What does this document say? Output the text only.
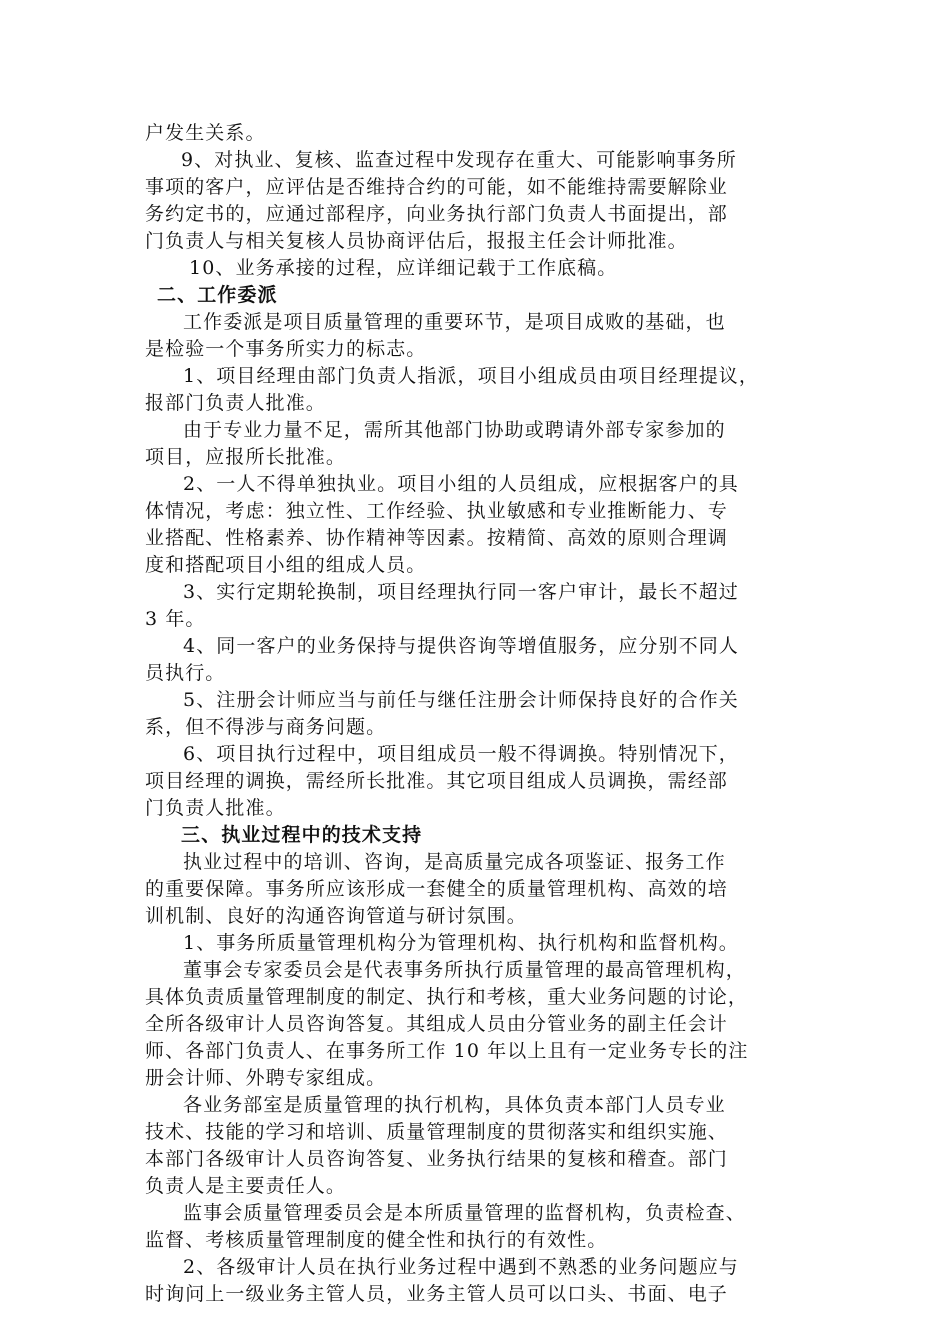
户发生关系。
9、对执业、复核、监查过程中发现存在重大、可能影响事务所
事项的客户，应评估是否维持合约的可能，如不能维持需要解除业
务约定书的，应通过部程序，向业务执行部门负责人书面提出，部
门负责人与相关复核人员协商评估后，报报主任会计师批准。
10、业务承接的过程，应详细记载于工作底稿。
二、工作委派
工作委派是项目质量管理的重要环节，是项目成败的基础，也
是检验一个事务所实力的标志。
1、项目经理由部门负责人指派，项目小组成员由项目经理提议，
报部门负责人批准。
由于专业力量不足，需所其他部门协助或聘请外部专家参加的
项目，应报所长批准。
2、一人不得单独执业。项目小组的人员组成，应根据客户的具
体情况，考虑：独立性、工作经验、执业敏感和专业推断能力、专
业搭配、性格素养、协作精神等因素。按精简、高效的原则合理调
度和搭配项目小组的组成人员。
3、实行定期轮换制，项目经理执行同一客户审计，最长不超过
3 年。
4、同一客户的业务保持与提供咨询等增值服务，应分别不同人
员执行。
5、注册会计师应当与前任与继任注册会计师保持良好的合作关
系，但不得涉与商务问题。
6、项目执行过程中，项目组成员一般不得调换。特别情况下，
项目经理的调换，需经所长批准。其它项目组成人员调换，需经部
门负责人批准。
三、执业过程中的技术支持
执业过程中的培训、咨询，是高质量完成各项鉴证、报务工作
的重要保障。事务所应该形成一套健全的质量管理机构、高效的培
训机制、良好的沟通咨询管道与研讨氛围。
1、事务所质量管理机构分为管理机构、执行机构和监督机构。
董事会专家委员会是代表事务所执行质量管理的最高管理机构，
具体负责质量管理制度的制定、执行和考核，重大业务问题的讨论，
全所各级审计人员咨询答复。其组成人员由分管业务的副主任会计
师、各部门负责人、在事务所工作 10 年以上且有一定业务专长的注
册会计师、外聘专家组成。
各业务部室是质量管理的执行机构，具体负责本部门人员专业
技术、技能的学习和培训、质量管理制度的贯彻落实和组织实施、
本部门各级审计人员咨询答复、业务执行结果的复核和稽查。部门
负责人是主要责任人。
监事会质量管理委员会是本所质量管理的监督机构，负责检查、
监督、考核质量管理制度的健全性和执行的有效性。
2、各级审计人员在执行业务过程中遇到不熟悉的业务问题应与
时询问上一级业务主管人员，业务主管人员可以口头、书面、电子
